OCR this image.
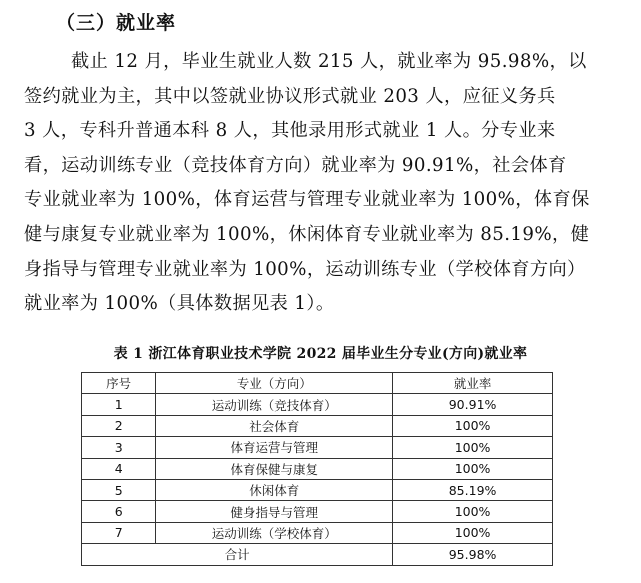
（三）就业率
截止 12 月，毕业生就业人数 215 人，就业率为 95.98%，以
签约就业为主，其中以签就业协议形式就业 203 人，应征义务兵
3 人，专科升普通本科 8 人，其他录用形式就业 1 人。分专业来
看，运动训练专业（竞技体育方向）就业率为 90.91%，社会体育
专业就业率为 100%，体育运营与管理专业就业率为 100%，体育保
健与康复专业就业率为 100%，休闲体育专业就业率为 85.19%，健
身指导与管理专业就业率为 100%，运动训练专业（学校体育方向）
就业率为 100%（具体数据见表 1）。
表 1 浙江体育职业技术学院 2022 届毕业生分专业(方向)就业率
序号	专业（方向）	就业率
1	运动训练（竞技体育）	90.91%
2	社会体育	100%
3	体育运营与管理	100%
4	体育保健与康复	100%
5	休闲体育	85.19%
6	健身指导与管理	100%
7	运动训练（学校体育）	100%
合计		95.98%
